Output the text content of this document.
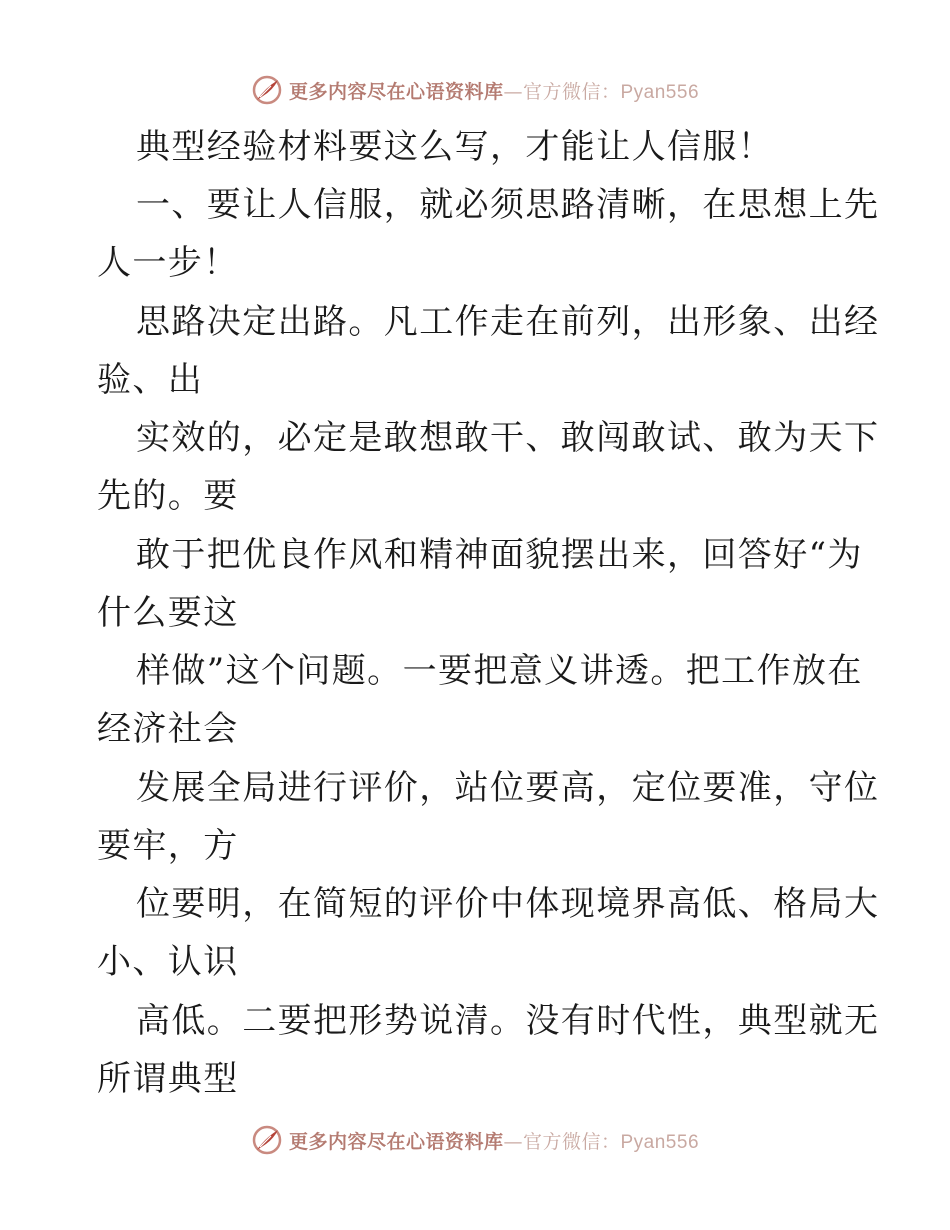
更多内容尽在心语资料库—官方微信：Pyan556
典型经验材料要这么写，才能让人信服！
一、要让人信服，就必须思路清晰，在思想上先
人一步！
思路决定出路。凡工作走在前列，出形象、出经
验、出
实效的，必定是敢想敢干、敢闯敢试、敢为天下
先的。要
敢于把优良作风和精神面貌摆出来，回答好“为
什么要这
样做”这个问题。一要把意义讲透。把工作放在
经济社会
发展全局进行评价，站位要高，定位要准，守位
要牢，方
位要明，在简短的评价中体现境界高低、格局大
小、认识
高低。二要把形势说清。没有时代性，典型就无
所谓典型
更多内容尽在心语资料库—官方微信：Pyan556
